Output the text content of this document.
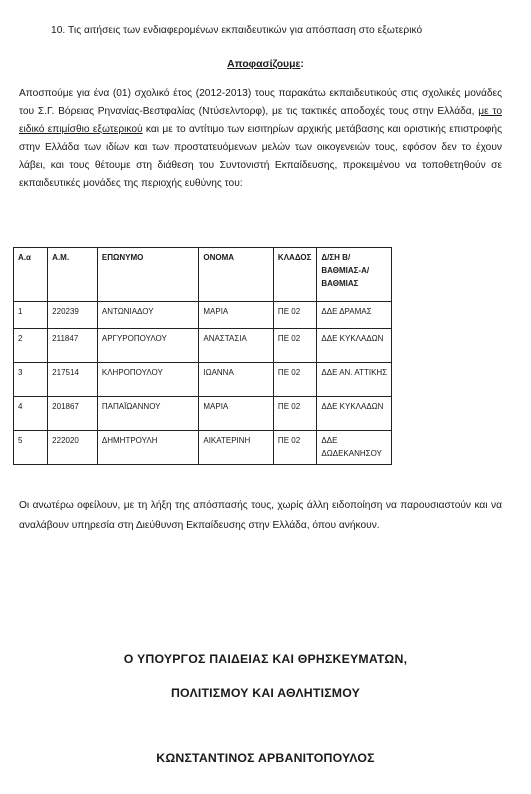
10. Τις αιτήσεις των ενδιαφερομένων εκπαιδευτικών για απόσπαση στο εξωτερικό
Αποφασίζουμε:
Αποσπούμε για ένα (01) σχολικό έτος (2012-2013) τους παρακάτω εκπαιδευτικούς στις σχολικές μονάδες του Σ.Γ. Βόρειας Ρηνανίας-Βεστφαλίας (Ντύσελντορφ), με τις τακτικές αποδοχές τους στην Ελλάδα, με το ειδικό επιμίσθιο εξωτερικού και με το αντίτιμο των εισιτηρίων αρχικής μετάβασης και οριστικής επιστροφής στην Ελλάδα των ιδίων και των προστατευόμενων μελών των οικογενειών τους, εφόσον δεν το έχουν λάβει, και τους θέτουμε στη διάθεση του Συντονιστή Εκπαίδευσης, προκειμένου να τοποθετηθούν σε εκπαιδευτικές μονάδες της περιοχής ευθύνης του:
Α.α	Α.Μ.	ΕΠΩΝΥΜΟ	ΟΝΟΜΑ	ΚΛΑΔΟΣ	Δ/ΣΗ Β/ΒΑΘΜΙΑΣ-Α/ΒΑΘΜΙΑΣ
1	220239	ΑΝΤΩΝΙΑΔΟΥ	ΜΑΡΙΑ	ΠΕ 02	ΔΔΕ ΔΡΑΜΑΣ
2	211847	ΑΡΓΥΡΟΠΟΥΛΟΥ	ΑΝΑΣΤΑΣΙΑ	ΠΕ 02	ΔΔΕ ΚΥΚΛΑΔΩΝ
3	217514	ΚΛΗΡΟΠΟΥΛΟΥ	ΙΩΑΝΝΑ	ΠΕ 02	ΔΔΕ ΑΝ. ΑΤΤΙΚΗΣ
4	201867	ΠΑΠΑΪΩΑΝΝΟΥ	ΜΑΡΙΑ	ΠΕ 02	ΔΔΕ ΚΥΚΛΑΔΩΝ
5	222020	ΔΗΜΗΤΡΟΥΛΗ	ΑΙΚΑΤΕΡΙΝΗ	ΠΕ 02	ΔΔΕ ΔΩΔΕΚΑΝΗΣΟΥ
Οι ανωτέρω οφείλουν, με τη λήξη της απόσπασής τους, χωρίς άλλη ειδοποίηση να παρουσιαστούν και να αναλάβουν υπηρεσία στη Διεύθυνση Εκπαίδευσης στην Ελλάδα, όπου ανήκουν.
Ο ΥΠΟΥΡΓΟΣ ΠΑΙΔΕΙΑΣ ΚΑΙ ΘΡΗΣΚΕΥΜΑΤΩΝ,
ΠΟΛΙΤΙΣΜΟΥ ΚΑΙ ΑΘΛΗΤΙΣΜΟΥ
ΚΩΝΣΤΑΝΤΙΝΟΣ ΑΡΒΑΝΙΤΟΠΟΥΛΟΣ
